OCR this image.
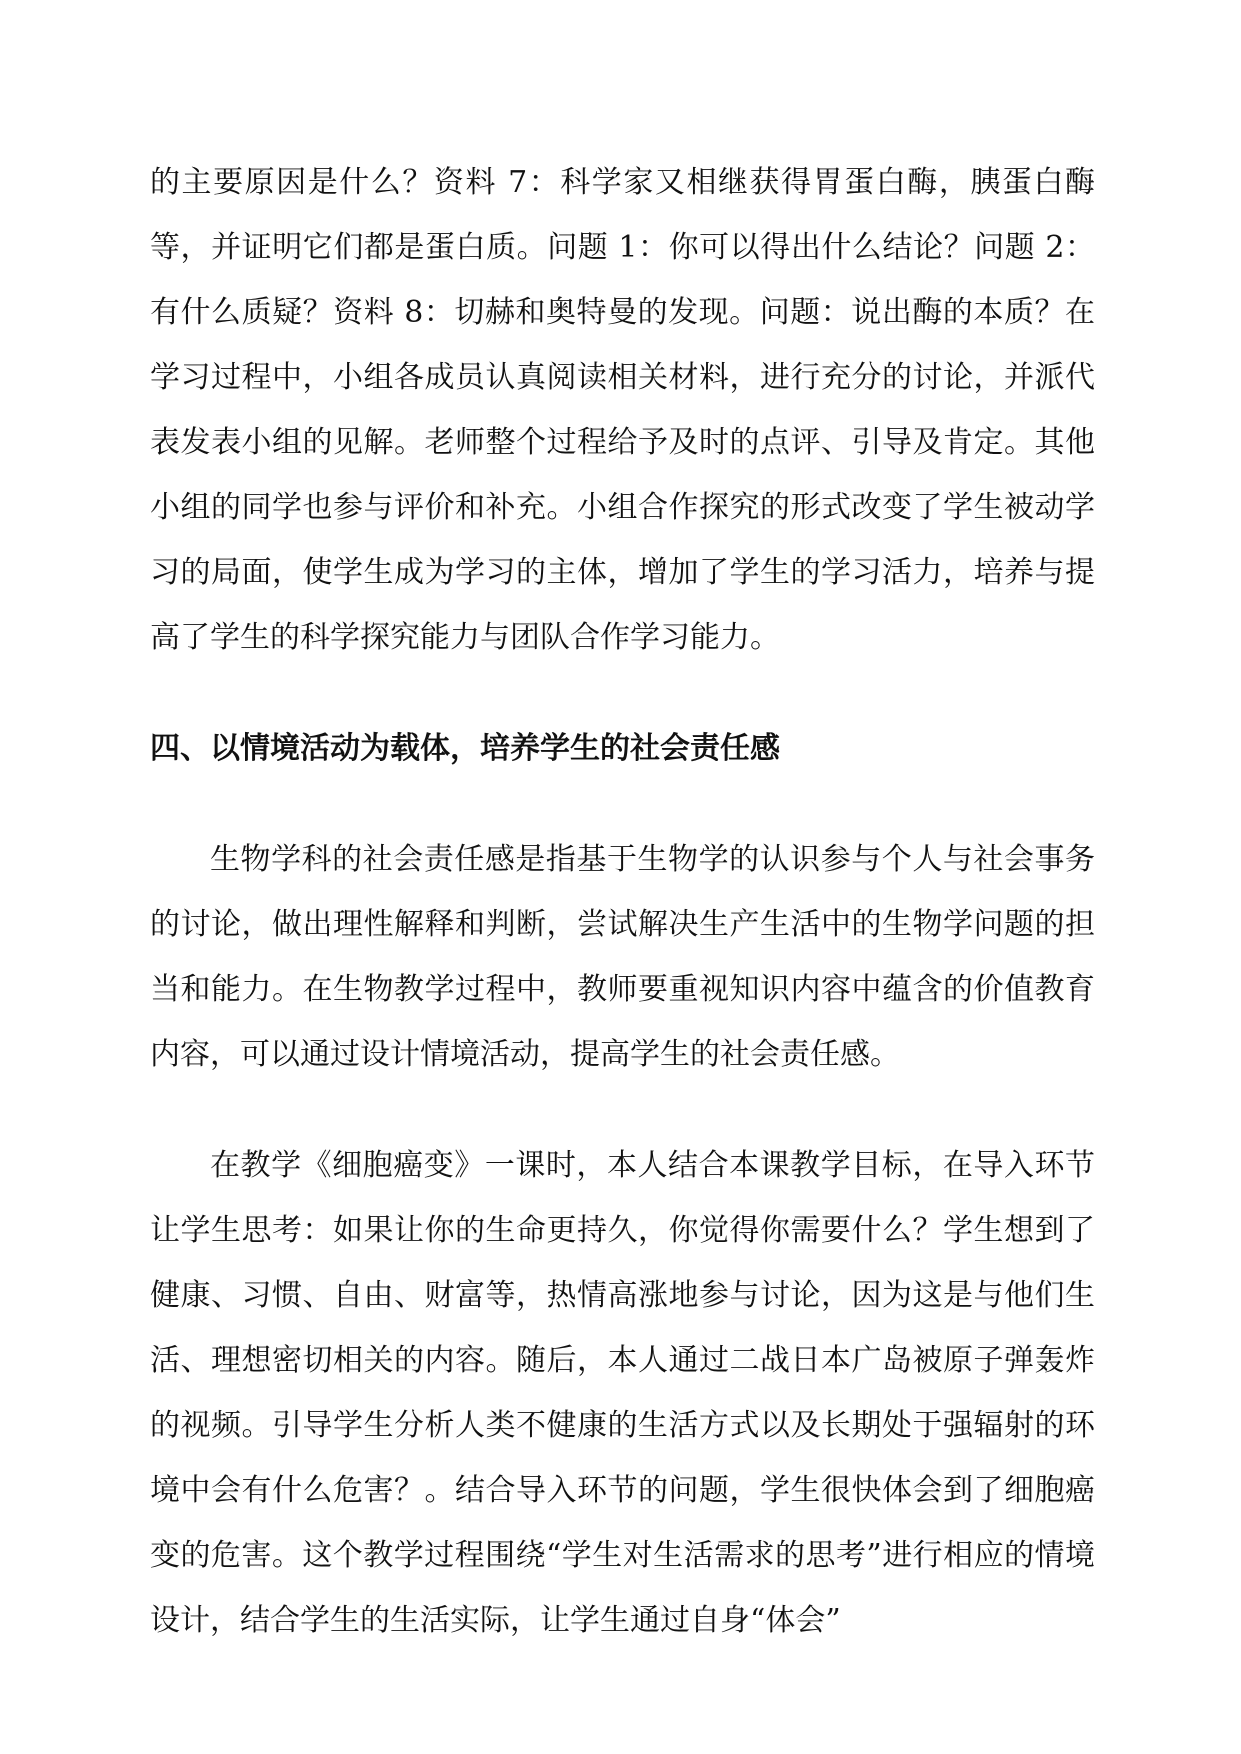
的主要原因是什么？资料 7：科学家又相继获得胃蛋白酶，胰蛋白酶等，并证明它们都是蛋白质。问题 1：你可以得出什么结论？问题 2：有什么质疑？资料 8：切赫和奥特曼的发现。问题：说出酶的本质？在学习过程中，小组各成员认真阅读相关材料，进行充分的讨论，并派代表发表小组的见解。老师整个过程给予及时的点评、引导及肯定。其他小组的同学也参与评价和补充。小组合作探究的形式改变了学生被动学习的局面，使学生成为学习的主体，增加了学生的学习活力，培养与提高了学生的科学探究能力与团队合作学习能力。

四、以情境活动为载体，培养学生的社会责任感

生物学科的社会责任感是指基于生物学的认识参与个人与社会事务的讨论，做出理性解释和判断，尝试解决生产生活中的生物学问题的担当和能力。在生物教学过程中，教师要重视知识内容中蕴含的价值教育内容，可以通过设计情境活动，提高学生的社会责任感。

在教学《细胞癌变》一课时，本人结合本课教学目标，在导入环节让学生思考：如果让你的生命更持久，你觉得你需要什么？学生想到了健康、习惯、自由、财富等，热情高涨地参与讨论，因为这是与他们生活、理想密切相关的内容。随后，本人通过二战日本广岛被原子弹轰炸的视频。引导学生分析人类不健康的生活方式以及长期处于强辐射的环境中会有什么危害？。结合导入环节的问题，学生很快体会到了细胞癌变的危害。这个教学过程围绕“学生对生活需求的思考”进行相应的情境设计，结合学生的生活实际，让学生通过自身“体会”
